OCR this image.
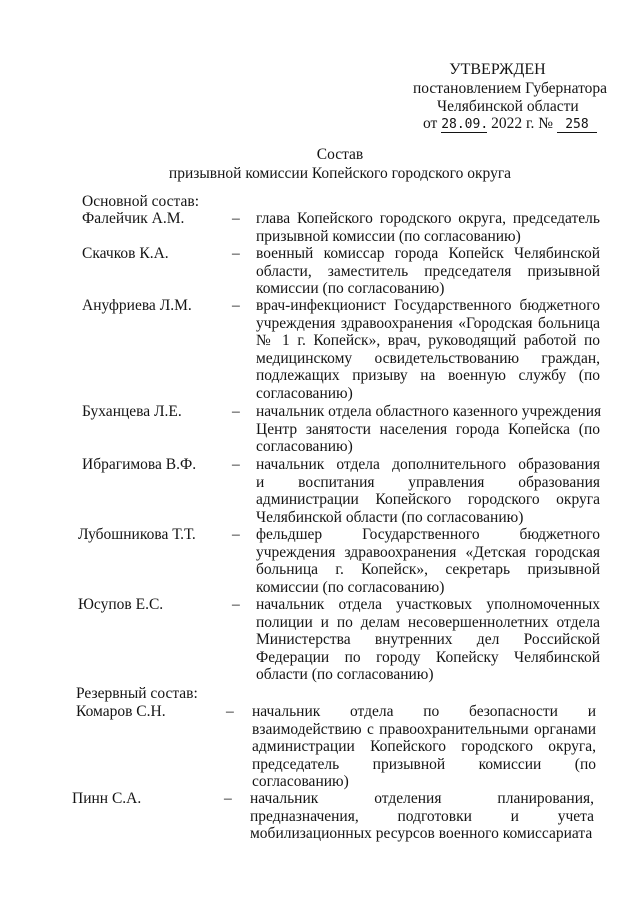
УТВЕРЖДЕН
постановлением Губернатора
Челябинской области
от 28.09. 2022 г. № 258
Состав
призывной комиссии Копейского городского округа
Основной состав:
Фалейчик А.М.	– глава Копейского городского округа, председатель
призывной комиссии (по согласованию)
Скачков К.А.	– военный комиссар города Копейск Челябинской
области, заместитель председателя призывной
комиссии (по согласованию)
Ануфриева Л.М.	– врач-инфекционист Государственного бюджетного
учреждения здравоохранения «Городская больница
№ 1 г. Копейск», врач, руководящий работой по
медицинскому освидетельствованию граждан,
подлежащих призыву на военную службу (по
согласованию)
Буханцева Л.Е.	– начальник отдела областного казенного учреждения
Центр занятости населения города Копейска (по
согласованию)
Ибрагимова В.Ф. – начальник отдела дополнительного образования
и воспитания управления образования
администрации Копейского городского округа
Челябинской области (по согласованию)
Лубошникова Т.Т. – фельдшер Государственного бюджетного
учреждения здравоохранения «Детская городская
больница г. Копейск», секретарь призывной
комиссии (по согласованию)
Юсупов Е.С.	– начальник отдела участковых уполномоченных
полиции и по делам несовершеннолетних отдела
Министерства внутренних дел Российской
Федерации по городу Копейску Челябинской
области (по согласованию)
Резервный состав:
Комаров С.Н.	– начальник отдела по безопасности и
взаимодействию с правоохранительными органами
администрации Копейского городского округа,
председатель призывной комиссии (по
согласованию)
Пинн С.А.	– начальник отделения планирования,
предназначения, подготовки и учета
мобилизационных ресурсов военного комиссариата
